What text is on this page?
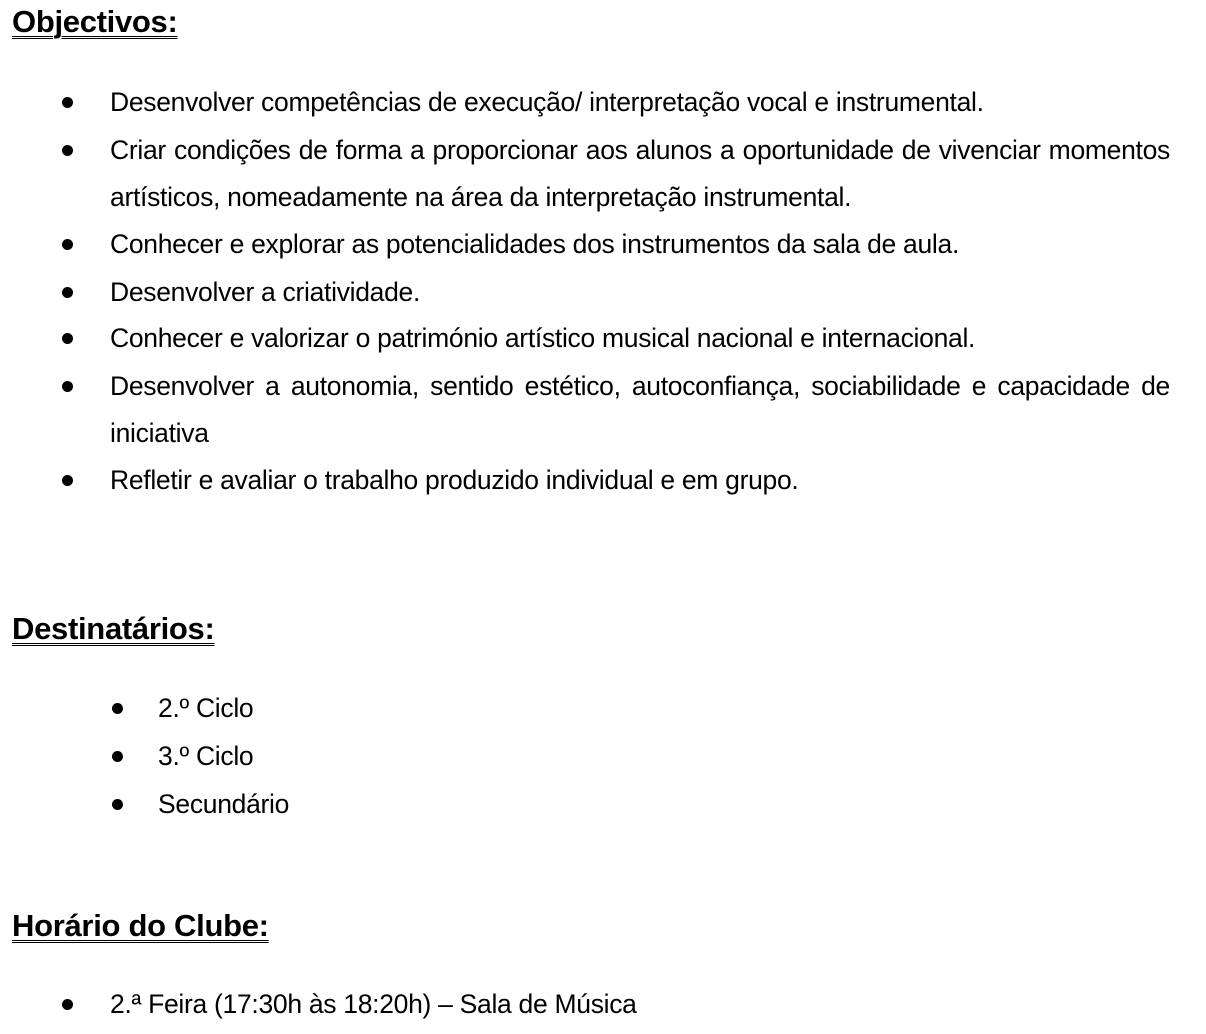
Objectivos:
Desenvolver competências de execução/ interpretação vocal e instrumental.
Criar condições de forma a proporcionar aos alunos a oportunidade de vivenciar momentos artísticos, nomeadamente na área da interpretação instrumental.
Conhecer e explorar as potencialidades dos instrumentos da sala de aula.
Desenvolver a criatividade.
Conhecer e valorizar o património artístico musical nacional e internacional.
Desenvolver a autonomia, sentido estético, autoconfiança, sociabilidade e capacidade de iniciativa
Refletir e avaliar o trabalho produzido individual e em grupo.
Destinatários:
2.º Ciclo
3.º Ciclo
Secundário
Horário do Clube:
2.ª Feira (17:30h às 18:20h) – Sala de Música
